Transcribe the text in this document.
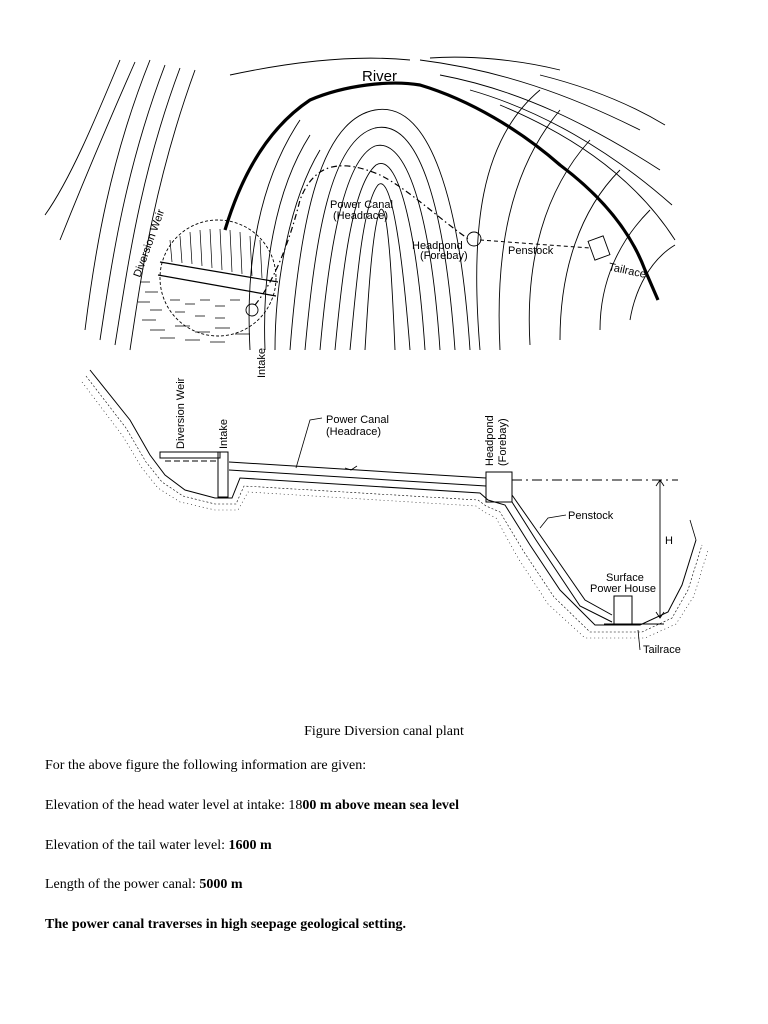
River
Power Canal
(Headrace)
Diversion Weir
Intake
Headpond
(Forebay)	Penstock
Tailrace
Diversion Weir	Intake	Power Canal
(Headrace)	Headpond (Forebay)
Penstock
H
Surface
Power House
Tailrace
Figure Diversion canal plant
For the above figure the following information are given:
Elevation of the head water level at intake: 1800 m above mean sea level
Elevation of the tail water level: 1600 m
Length of the power canal: 5000 m
The power canal traverses in high seepage geological setting.
